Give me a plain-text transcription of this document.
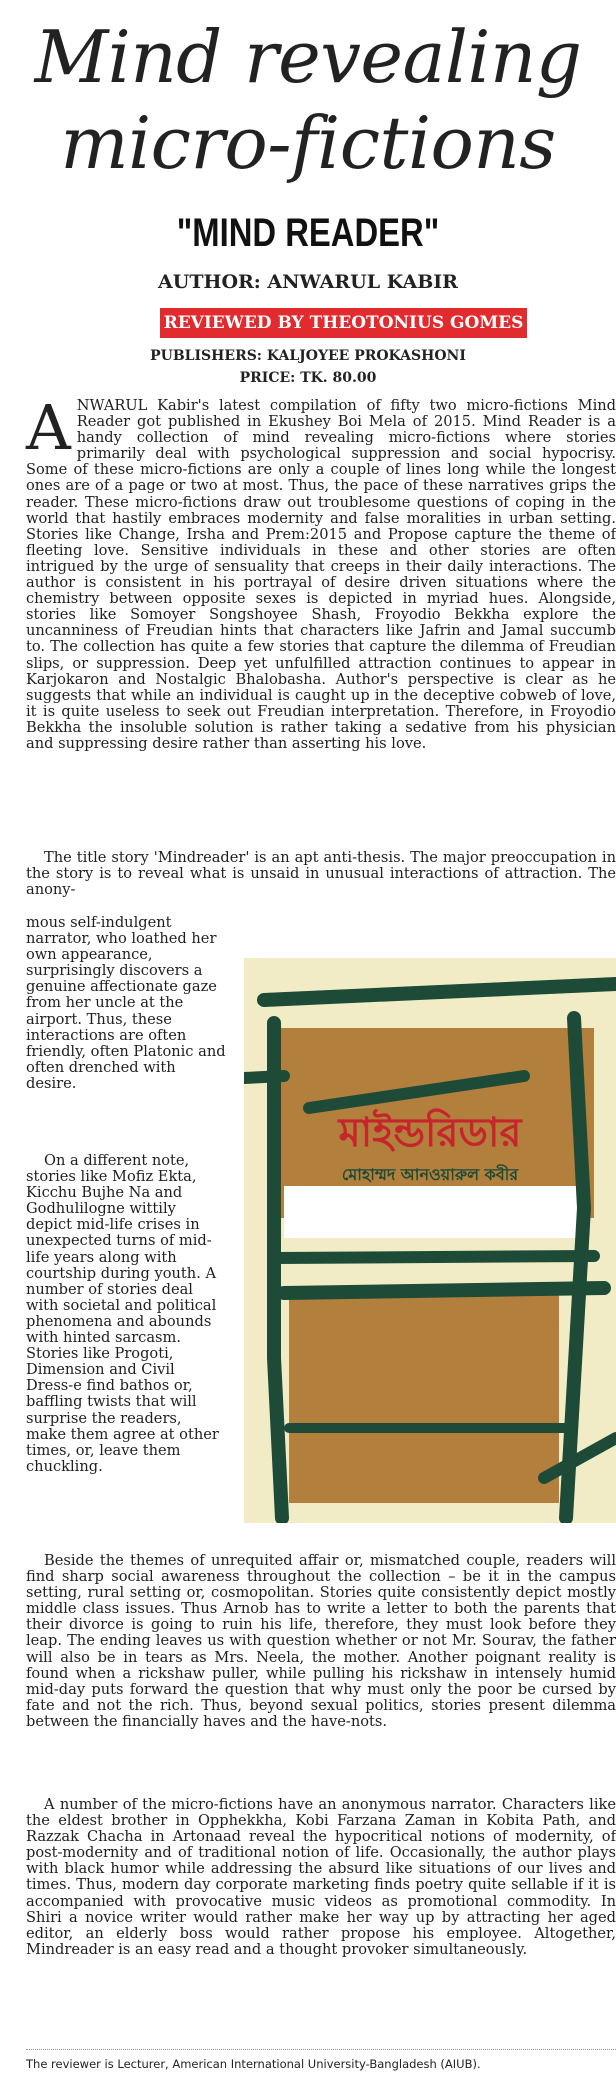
Mind revealing
micro-fictions
"MIND READER"
AUTHOR: ANWARUL KABIR
REVIEWED BY THEOTONIUS GOMES
PUBLISHERS: KALJOYEE PROKASHONI
PRICE: TK. 80.00
A NWARUL Kabir's latest compilation of fifty two micro-fictions Mind Reader got published in Ekushey Boi Mela of 2015. Mind Reader is a handy collection of mind revealing micro-fictions where stories primarily deal with psychological suppression and social hypocrisy. Some of these micro-fictions are only a couple of lines long while the longest ones are of a page or two at most. Thus, the pace of these narratives grips the reader. These micro-fictions draw out troublesome questions of coping in the world that hastily embraces modernity and false moralities in urban setting. Stories like Change, Irsha and Prem:2015 and Propose capture the theme of fleeting love. Sensitive individuals in these and other stories are often intrigued by the urge of sensuality that creeps in their daily interactions. The author is consistent in his portrayal of desire driven situations where the chemistry between opposite sexes is depicted in myriad hues. Alongside, stories like Somoyer Songshoyee Shash, Froyodio Bekkha explore the uncanniness of Freudian hints that characters like Jafrin and Jamal succumb to. The collection has quite a few stories that capture the dilemma of Freudian slips, or suppression. Deep yet unfulfilled attraction continues to appear in Karjokaron and Nostalgic Bhalobasha. Author's perspective is clear as he suggests that while an individual is caught up in the deceptive cobweb of love, it is quite useless to seek out Freudian interpretation. Therefore, in Froyodio Bekkha the insoluble solution is rather taking a sedative from his physician and suppressing desire rather than asserting his love.

The title story 'Mindreader' is an apt anti-thesis. The major preoccupation in the story is to reveal what is unsaid in unusual interactions of attraction. The anony-

mous self-indulgent narrator, who loathed her own appearance, surprisingly discovers a genuine affectionate gaze from her uncle at the airport. Thus, these interactions are often friendly, often Platonic and often drenched with desire.

On a different note, stories like Mofiz Ekta, Kicchu Bujhe Na and Godhulilogne wittily depict mid-life crises in unexpected turns of mid-life years along with courtship during youth. A number of stories deal with societal and political phenomena and abounds with hinted sarcasm. Stories like Progoti, Dimension and Civil Dress-e find bathos or, baffling twists that will surprise the readers, make them agree at other times, or, leave them chuckling.

মাইন্ডরিডার
মোহাম্মদ আনওয়ারুল কবীর

Beside the themes of unrequited affair or, mismatched couple, readers will find sharp social awareness throughout the collection – be it in the campus setting, rural setting or, cosmopolitan. Stories quite consistently depict mostly middle class issues. Thus Arnob has to write a letter to both the parents that their divorce is going to ruin his life, therefore, they must look before they leap. The ending leaves us with question whether or not Mr. Sourav, the father will also be in tears as Mrs. Neela, the mother. Another poignant reality is found when a rickshaw puller, while pulling his rickshaw in intensely humid mid-day puts forward the question that why must only the poor be cursed by fate and not the rich. Thus, beyond sexual politics, stories present dilemma between the financially haves and the have-nots.

A number of the micro-fictions have an anonymous narrator. Characters like the eldest brother in Opphekkha, Kobi Farzana Zaman in Kobita Path, and Razzak Chacha in Artonaad reveal the hypocritical notions of modernity, of post-modernity and of traditional notion of life. Occasionally, the author plays with black humor while addressing the absurd like situations of our lives and times. Thus, modern day corporate marketing finds poetry quite sellable if it is accompanied with provocative music videos as promotional commodity. In Shiri a novice writer would rather make her way up by attracting her aged editor, an elderly boss would rather propose his employee. Altogether, Mindreader is an easy read and a thought provoker simultaneously.

The reviewer is Lecturer, American International University-Bangladesh (AIUB).
